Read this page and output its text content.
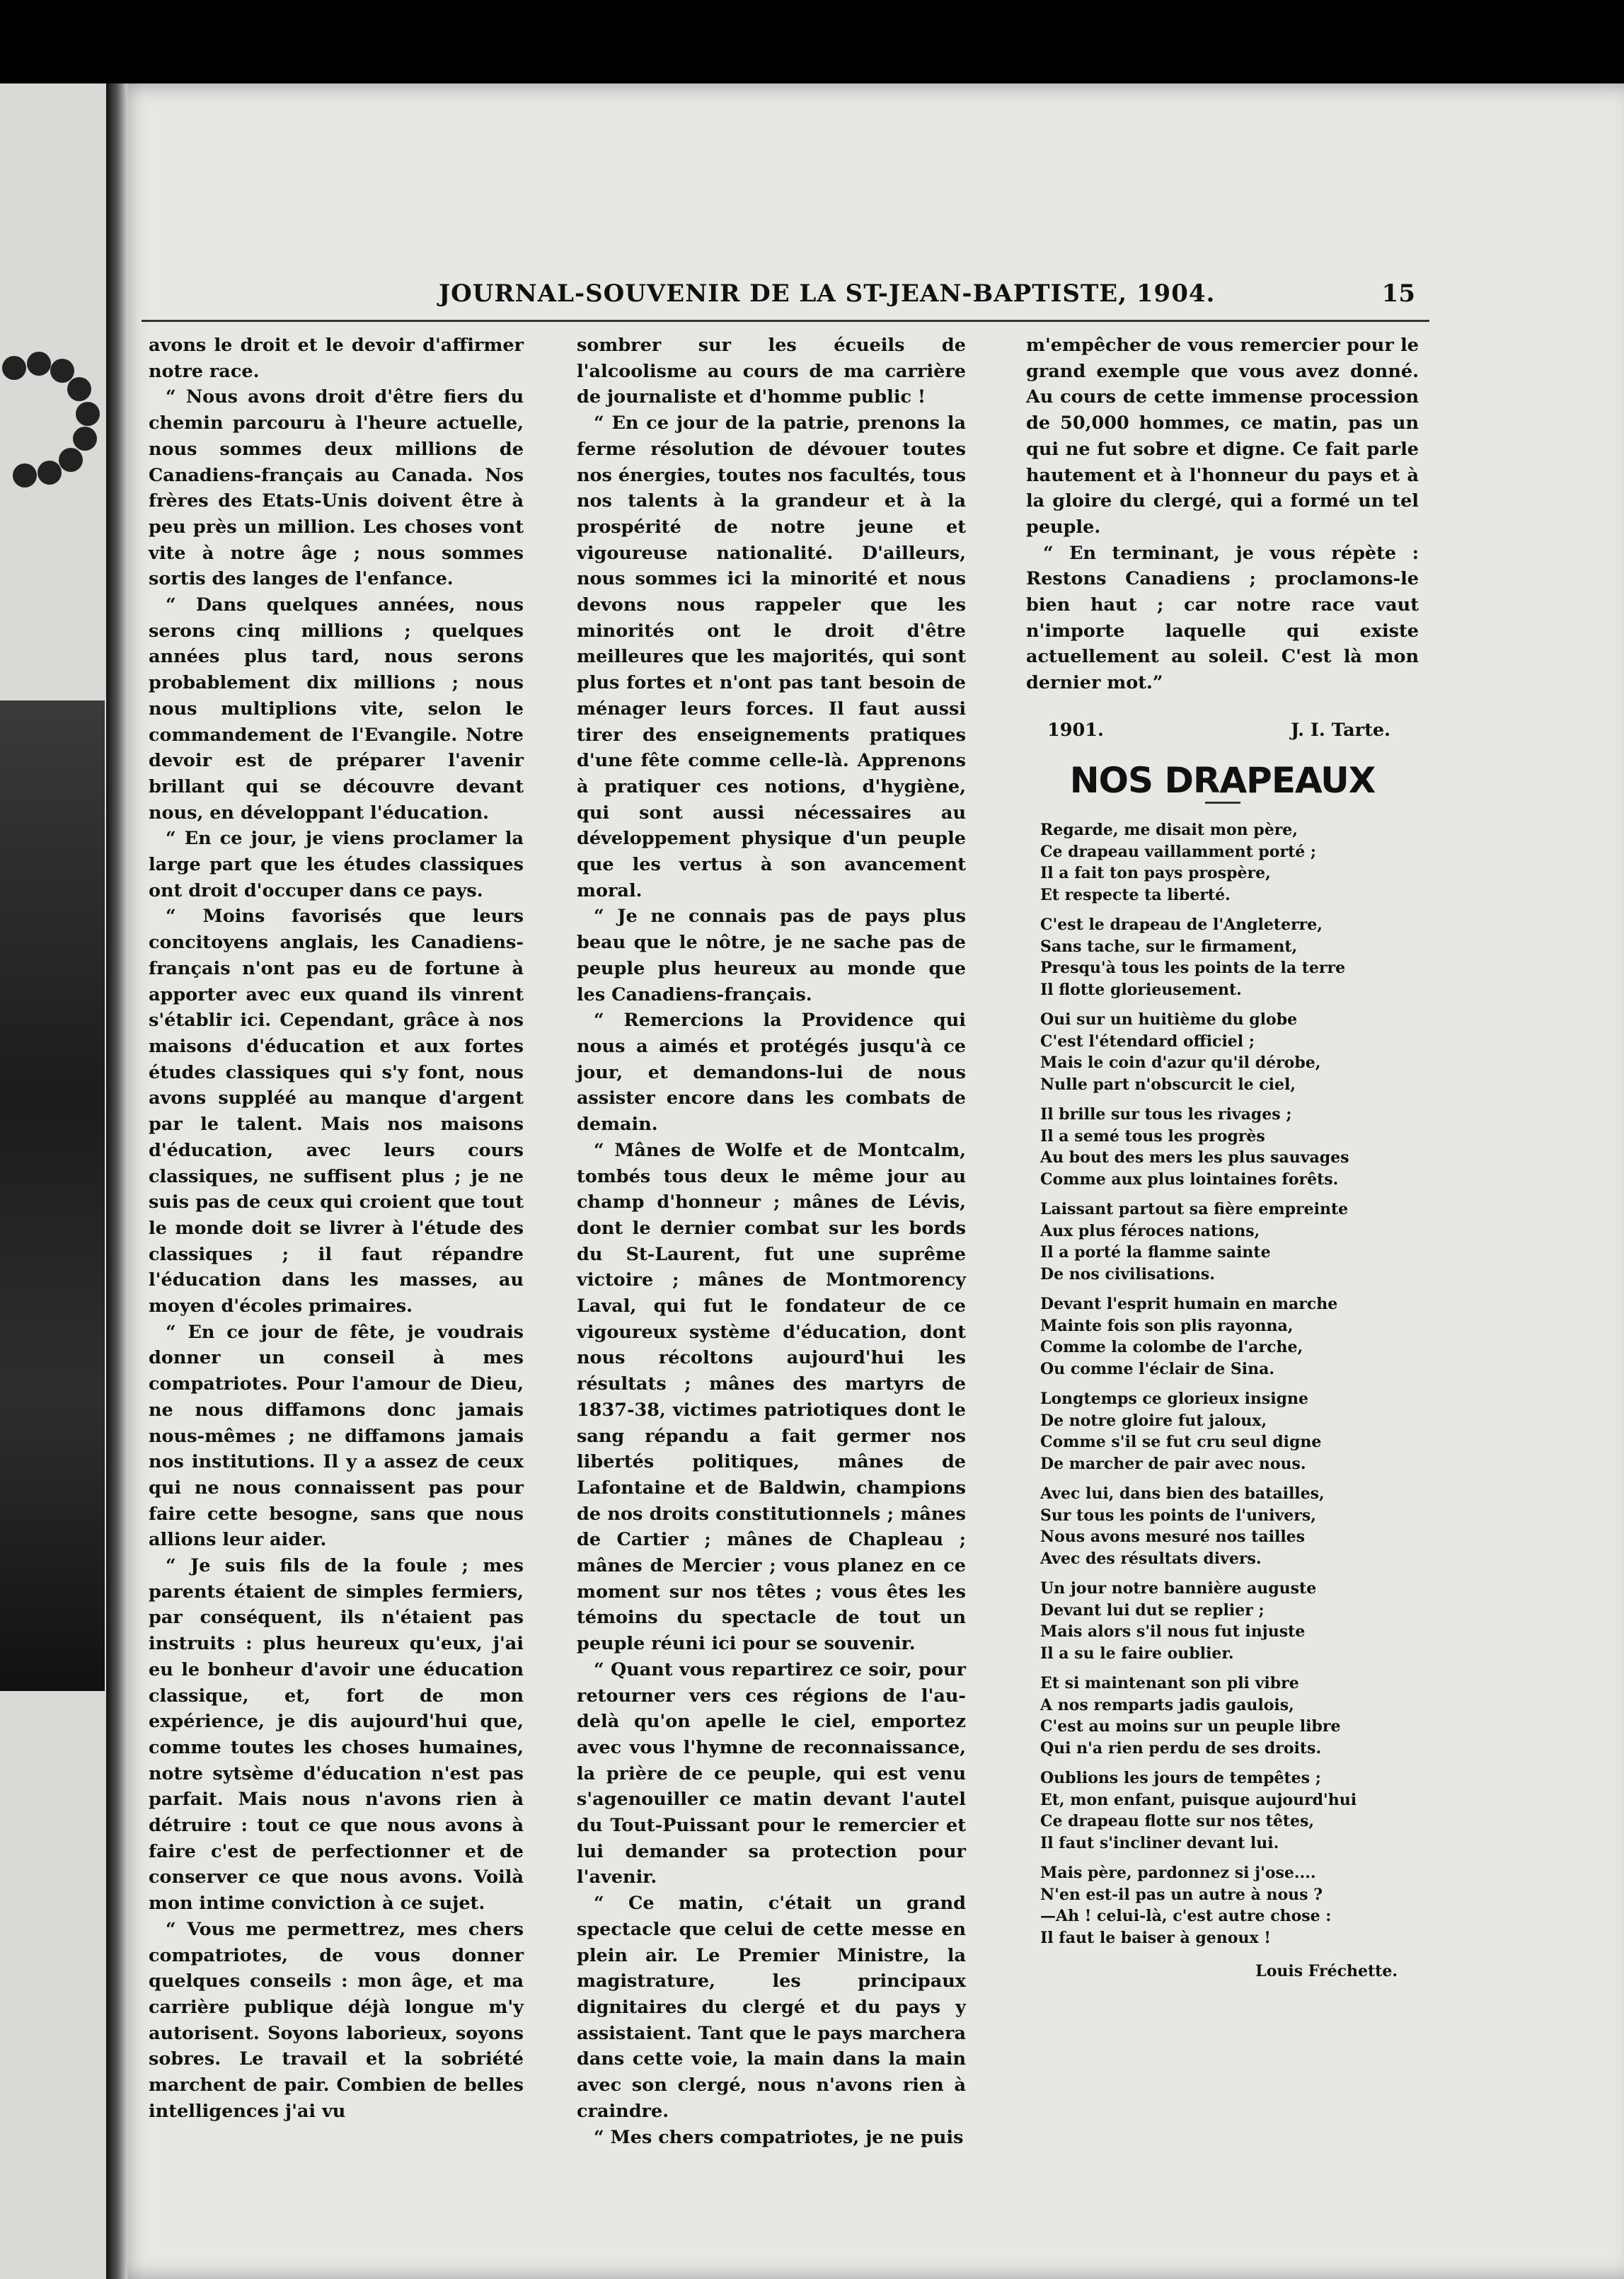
JOURNAL-SOUVENIR DE LA ST-JEAN-BAPTISTE, 1904.	15

avons le droit et le devoir d'affirmer notre race.

“ Nous avons droit d'être fiers du chemin parcouru à l'heure actuelle, nous sommes deux millions de Canadiens-français au Canada. Nos frères des Etats-Unis doivent être à peu près un million. Les choses vont vite à notre âge ; nous sommes sortis des langes de l'enfance.

“ Dans quelques années, nous serons cinq millions ; quelques années plus tard, nous serons probablement dix millions ; nous nous multiplions vite, selon le commandement de l'Evangile. Notre devoir est de préparer l'avenir brillant qui se découvre devant nous, en développant l'éducation.

“ En ce jour, je viens proclamer la large part que les études classiques ont droit d'occuper dans ce pays.

“ Moins favorisés que leurs concitoyens anglais, les Canadiens-français n'ont pas eu de fortune à apporter avec eux quand ils vinrent s'établir ici. Cependant, grâce à nos maisons d'éducation et aux fortes études classiques qui s'y font, nous avons suppléé au manque d'argent par le talent. Mais nos maisons d'éducation, avec leurs cours classiques, ne suffisent plus ; je ne suis pas de ceux qui croient que tout le monde doit se livrer à l'étude des classiques ; il faut répandre l'éducation dans les masses, au moyen d'écoles primaires.

“ En ce jour de fête, je voudrais donner un conseil à mes compatriotes. Pour l'amour de Dieu, ne nous diffamons donc jamais nous-mêmes ; ne diffamons jamais nos institutions. Il y a assez de ceux qui ne nous connaissent pas pour faire cette besogne, sans que nous allions leur aider.

“ Je suis fils de la foule ; mes parents étaient de simples fermiers, par conséquent, ils n'étaient pas instruits : plus heureux qu'eux, j'ai eu le bonheur d'avoir une éducation classique, et, fort de mon expérience, je dis aujourd'hui que, comme toutes les choses humaines, notre sytsème d'éducation n'est pas parfait. Mais nous n'avons rien à détruire : tout ce que nous avons à faire c'est de perfectionner et de conserver ce que nous avons. Voilà mon intime conviction à ce sujet.

“ Vous me permettrez, mes chers compatriotes, de vous donner quelques conseils : mon âge, et ma carrière publique déjà longue m'y autorisent. Soyons laborieux, soyons sobres. Le travail et la sobriété marchent de pair. Combien de belles intelligences j'ai vu

sombrer sur les écueils de l'alcoolisme au cours de ma carrière de journaliste et d'homme public !

“ En ce jour de la patrie, prenons la ferme résolution de dévouer toutes nos énergies, toutes nos facultés, tous nos talents à la grandeur et à la prospérité de notre jeune et vigoureuse nationalité. D'ailleurs, nous sommes ici la minorité et nous devons nous rappeler que les minorités ont le droit d'être meilleures que les majorités, qui sont plus fortes et n'ont pas tant besoin de ménager leurs forces. Il faut aussi tirer des enseignements pratiques d'une fête comme celle-là. Apprenons à pratiquer ces notions, d'hygiène, qui sont aussi nécessaires au développement physique d'un peuple que les vertus à son avancement moral.

“ Je ne connais pas de pays plus beau que le nôtre, je ne sache pas de peuple plus heureux au monde que les Canadiens-français.

“ Remercions la Providence qui nous a aimés et protégés jusqu'à ce jour, et demandons-lui de nous assister encore dans les combats de demain.

“ Mânes de Wolfe et de Montcalm, tombés tous deux le même jour au champ d'honneur ; mânes de Lévis, dont le dernier combat sur les bords du St-Laurent, fut une suprême victoire ; mânes de Montmorency Laval, qui fut le fondateur de ce vigoureux système d'éducation, dont nous récoltons aujourd'hui les résultats ; mânes des martyrs de 1837-38, victimes patriotiques dont le sang répandu a fait germer nos libertés politiques, mânes de Lafontaine et de Baldwin, champions de nos droits constitutionnels ; mânes de Cartier ; mânes de Chapleau ; mânes de Mercier ; vous planez en ce moment sur nos têtes ; vous êtes les témoins du spectacle de tout un peuple réuni ici pour se souvenir.

“ Quant vous repartirez ce soir, pour retourner vers ces régions de l'au-delà qu'on apelle le ciel, emportez avec vous l'hymne de reconnaissance, la prière de ce peuple, qui est venu s'agenouiller ce matin devant l'autel du Tout-Puissant pour le remercier et lui demander sa protection pour l'avenir.

“ Ce matin, c'était un grand spectacle que celui de cette messe en plein air. Le Premier Ministre, la magistrature, les principaux dignitaires du clergé et du pays y assistaient. Tant que le pays marchera dans cette voie, la main dans la main avec son clergé, nous n'avons rien à craindre.

“ Mes chers compatriotes, je ne puis

m'empêcher de vous remercier pour le grand exemple que vous avez donné. Au cours de cette immense procession de 50,000 hommes, ce matin, pas un qui ne fut sobre et digne. Ce fait parle hautement et à l'honneur du pays et à la gloire du clergé, qui a formé un tel peuple.

“ En terminant, je vous répète : Restons Canadiens ; proclamons-le bien haut ; car notre race vaut n'importe laquelle qui existe actuellement au soleil. C'est là mon dernier mot.”

1901.	J. I. Tarte.
NOS DRAPEAUX
Regarde, me disait mon père,
Ce drapeau vaillamment porté ;
Il a fait ton pays prospère,
Et respecte ta liberté.
C'est le drapeau de l'Angleterre,
Sans tache, sur le firmament,
Presqu'à tous les points de la terre
Il flotte glorieusement.
Oui sur un huitième du globe
C'est l'étendard officiel ;
Mais le coin d'azur qu'il dérobe,
Nulle part n'obscurcit le ciel,
Il brille sur tous les rivages ;
Il a semé tous les progrès
Au bout des mers les plus sauvages
Comme aux plus lointaines forêts.
Laissant partout sa fière empreinte
Aux plus féroces nations,
Il a porté la flamme sainte
De nos civilisations.
Devant l'esprit humain en marche
Mainte fois son plis rayonna,
Comme la colombe de l'arche,
Ou comme l'éclair de Sina.
Longtemps ce glorieux insigne
De notre gloire fut jaloux,
Comme s'il se fut cru seul digne
De marcher de pair avec nous.
Avec lui, dans bien des batailles,
Sur tous les points de l'univers,
Nous avons mesuré nos tailles
Avec des résultats divers.
Un jour notre bannière auguste
Devant lui dut se replier ;
Mais alors s'il nous fut injuste
Il a su le faire oublier.
Et si maintenant son pli vibre
A nos remparts jadis gaulois,
C'est au moins sur un peuple libre
Qui n'a rien perdu de ses droits.
Oublions les jours de tempêtes ;
Et, mon enfant, puisque aujourd'hui
Ce drapeau flotte sur nos têtes,
Il faut s'incliner devant lui.
Mais père, pardonnez si j'ose....
N'en est-il pas un autre à nous ?
—Ah ! celui-là, c'est autre chose :
Il faut le baiser à genoux !
Louis Fréchette.
